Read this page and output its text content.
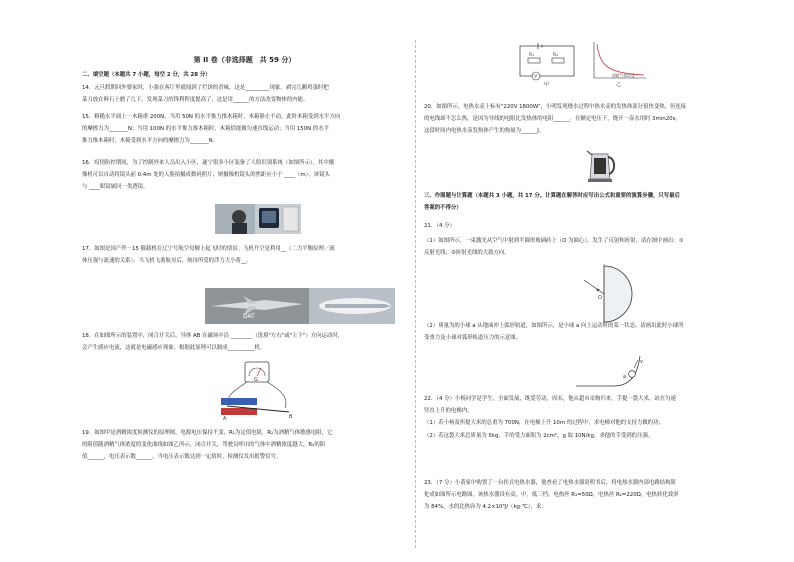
第 II 卷（非选择题　共 59 分）
二、填空题（本题共 7 小题，每空 2 分，共 28 分）
14．元旦假期回外婆家时，小强在客厅里就闻到了烂饼的香味，这是_________现象，剥完几颗鸡蛋时把
菜刀放在鲜石上磨了几下，发现菜刀的锋利程度提高了，这是用______的方法改变物体的内能。
15．粗糙水平面上一木箱重 200N，当用 50N 的水平推力推木箱时，木箱静止不动，此时木箱受到水平方向
的摩擦力为_______N；当用 100N 的水平推力推木箱时，木箱恰能做匀速直线运动；当用 150N 的水平
推力推木箱时，木箱受到水平方向的摩擦力为_______N。
16．疫情防控期间，为了控制外来人员出入小区，遂宁很多小区装备了人脸识别系统（如图所示）。其中摄
像机可以自动将镜头前 0.4m 处的人脸拍摄成数码照片，则摄像机镜头的焦距应小于 ____（m），该镜头
与 ____眼镜属同一类透镜。
17．如图是国产歼－15 舰载机在辽宁号航空母舰上起飞时的情景。飞机升空是利用__（二力平衡原理／流
体压强与流速的关系）。当飞机飞离航母后，航母所受的浮力大小将__。
DAT
18．在如图所示的装置中，闭合开关后，导体 AB 在磁场中沿 ________（选填"左右"或"上下"）方向运动时，
会产生感应电流，这就是电磁感应现象，根据此原理可以制成__________机。
G
A	B
19．如图甲是酒精浓度检测仪的原理图，电源电压保持不变，R₁为定值电阻，R₂为酒精气体敏感电阻，它
的阻值随酒精气体浓度的变化曲线如图乙所示，闭合开关，驾驶员呼出的气体中酒精浓度越大，R₂的阻
值______，电压表示数______，当电压表示数达到一定值时，检测仪发出报警信号。
R₁	R₂
V
甲
酒精气体浓度
乙
20．如图所示，电热水壶上标有"220V 1800W"，小明发现烧水过程中热水壶的发热体部分很快变热，但连接
的电线却不怎么热，是因为导线的电阻比发热体的电阻______。在额定电压下，烧开一壶水用时 3min20s，
这段时间内电热水壶发热体产生的热量为______J。
三、作图题与计算题（本题共 3 小题，共 17 分。计算题在解答时应写出公式和重要的演算步骤，只写最后
答案的不得分）
21．（4 分）
（1）如图所示，一束激光从空气中射到半圆形玻璃砖上（O 为圆心），发生了反射和折射，请在图中画出：①
反射光线；②折射光线的大致方向。
O
（2）质量为的小球 a 从地面冲上弧形轨道，如图所示，是小球 a 向上运动时的某一状态，请画出此时小球所
受重力及小球对弧形轨道压力的示意图。
a
v
22．（4 分）小杨同学是学生，全面发展，既爱劳动，周末，他从超市采购归来，手提一袋大米，站在匀速
竖直上升的电梯内。
（1）若小杨及所提大米的总重为 700N，在电梯上升 10m 的过程中，求电梯对他的支持力做的功；
（2）若这袋大米总质量为 5kg，手的受力面积为 2cm²，g 取 10N/kg，求他的手受到的压强。
23．（7 分）小黄家中购置了一台挂式电热水器，他查看了电热水器说明书后，将电热水器内部电路结构简
化成如图所示电路图，该热水器设有高，中，低三档，电热丝 R₁=50Ω，电热丝 R₂=220Ω，电热转化效率
为 84%，水的比热容为 4.2×10³J/（kg·℃），求：
